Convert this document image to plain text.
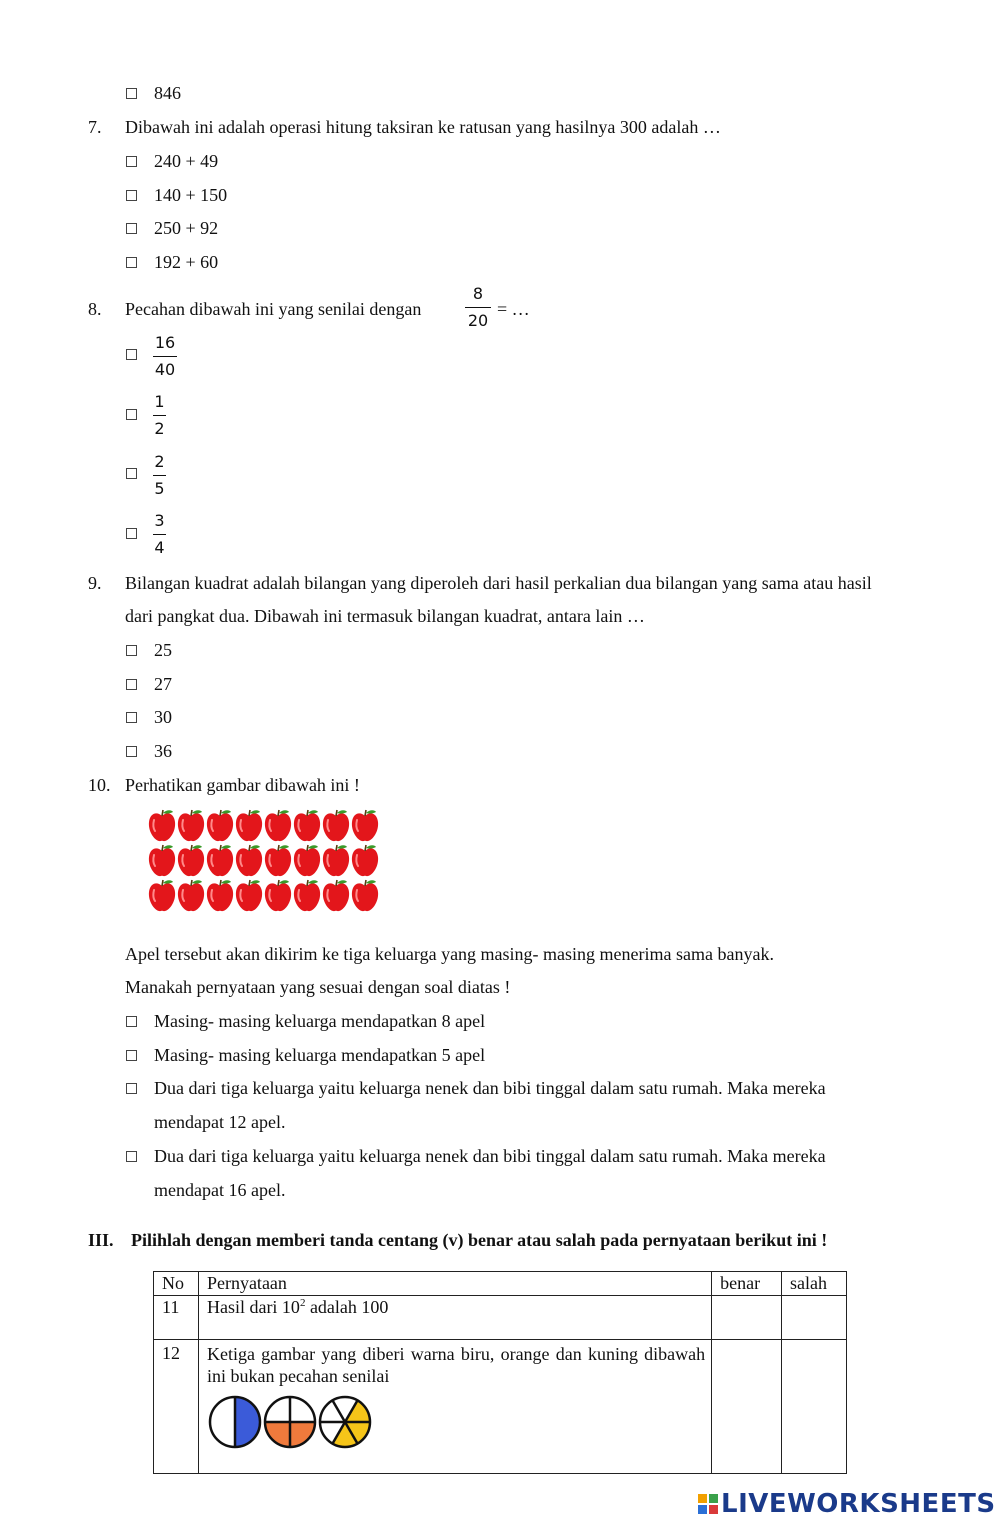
846
7. Dibawah ini adalah operasi hitung taksiran ke ratusan yang hasilnya 300 adalah …
240 + 49
140 + 150
250 + 92
192 + 60
8. Pecahan dibawah ini yang senilai dengan
8
20
= …
16
40
1
2
2
5
3
4
9. Bilangan kuadrat adalah bilangan yang diperoleh dari hasil perkalian dua bilangan yang sama atau hasil
dari pangkat dua. Dibawah ini termasuk bilangan kuadrat, antara lain …
25
27
30
36
10. Perhatikan gambar dibawah ini !
Apel tersebut akan dikirim ke tiga keluarga yang masing- masing menerima sama banyak.
Manakah pernyataan yang sesuai dengan soal diatas !
Masing- masing keluarga mendapatkan 8 apel
Masing- masing keluarga mendapatkan 5 apel
Dua dari tiga keluarga yaitu keluarga nenek dan bibi tinggal dalam satu rumah. Maka mereka
mendapat 12 apel.
Dua dari tiga keluarga yaitu keluarga nenek dan bibi tinggal dalam satu rumah. Maka mereka
mendapat 16 apel.
III. Pilihlah dengan memberi tanda centang (v) benar atau salah pada pernyataan berikut ini !
No	Pernyataan	benar	salah
11	Hasil dari $10^2$ adalah 100		
12	Ketiga gambar yang diberi warna biru, orange dan kuning dibawah ini bukan pecahan senilai		

LIVEWORKSHEETS
